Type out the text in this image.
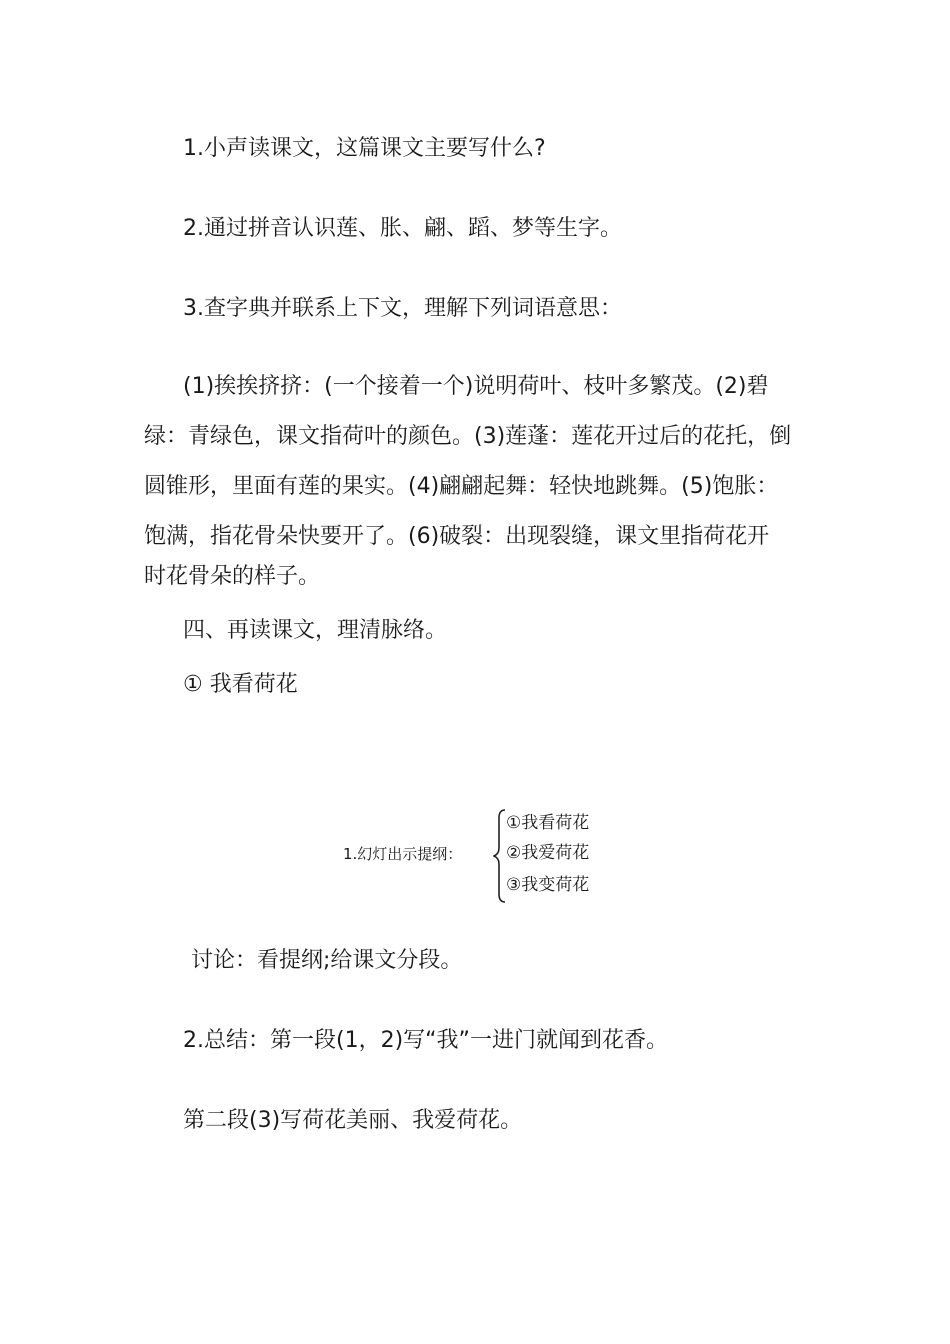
1.小声读课文，这篇课文主要写什么?
2.通过拼音认识莲、胀、翩、蹈、梦等生字。
3.查字典并联系上下文，理解下列词语意思：
(1)挨挨挤挤：(一个接着一个)说明荷叶、枝叶多繁茂。(2)碧
绿：青绿色，课文指荷叶的颜色。(3)莲蓬：莲花开过后的花托，倒
圆锥形，里面有莲的果实。(4)翩翩起舞：轻快地跳舞。(5)饱胀：
饱满，指花骨朵快要开了。(6)破裂：出现裂缝，课文里指荷花开
时花骨朵的样子。
四、再读课文，理清脉络。
① 我看荷花
1.幻灯出示提纲：
①我看荷花
②我爱荷花
③我变荷花
讨论：看提纲;给课文分段。
2.总结：第一段(1，2)写“我”一进门就闻到花香。
第二段(3)写荷花美丽、我爱荷花。
